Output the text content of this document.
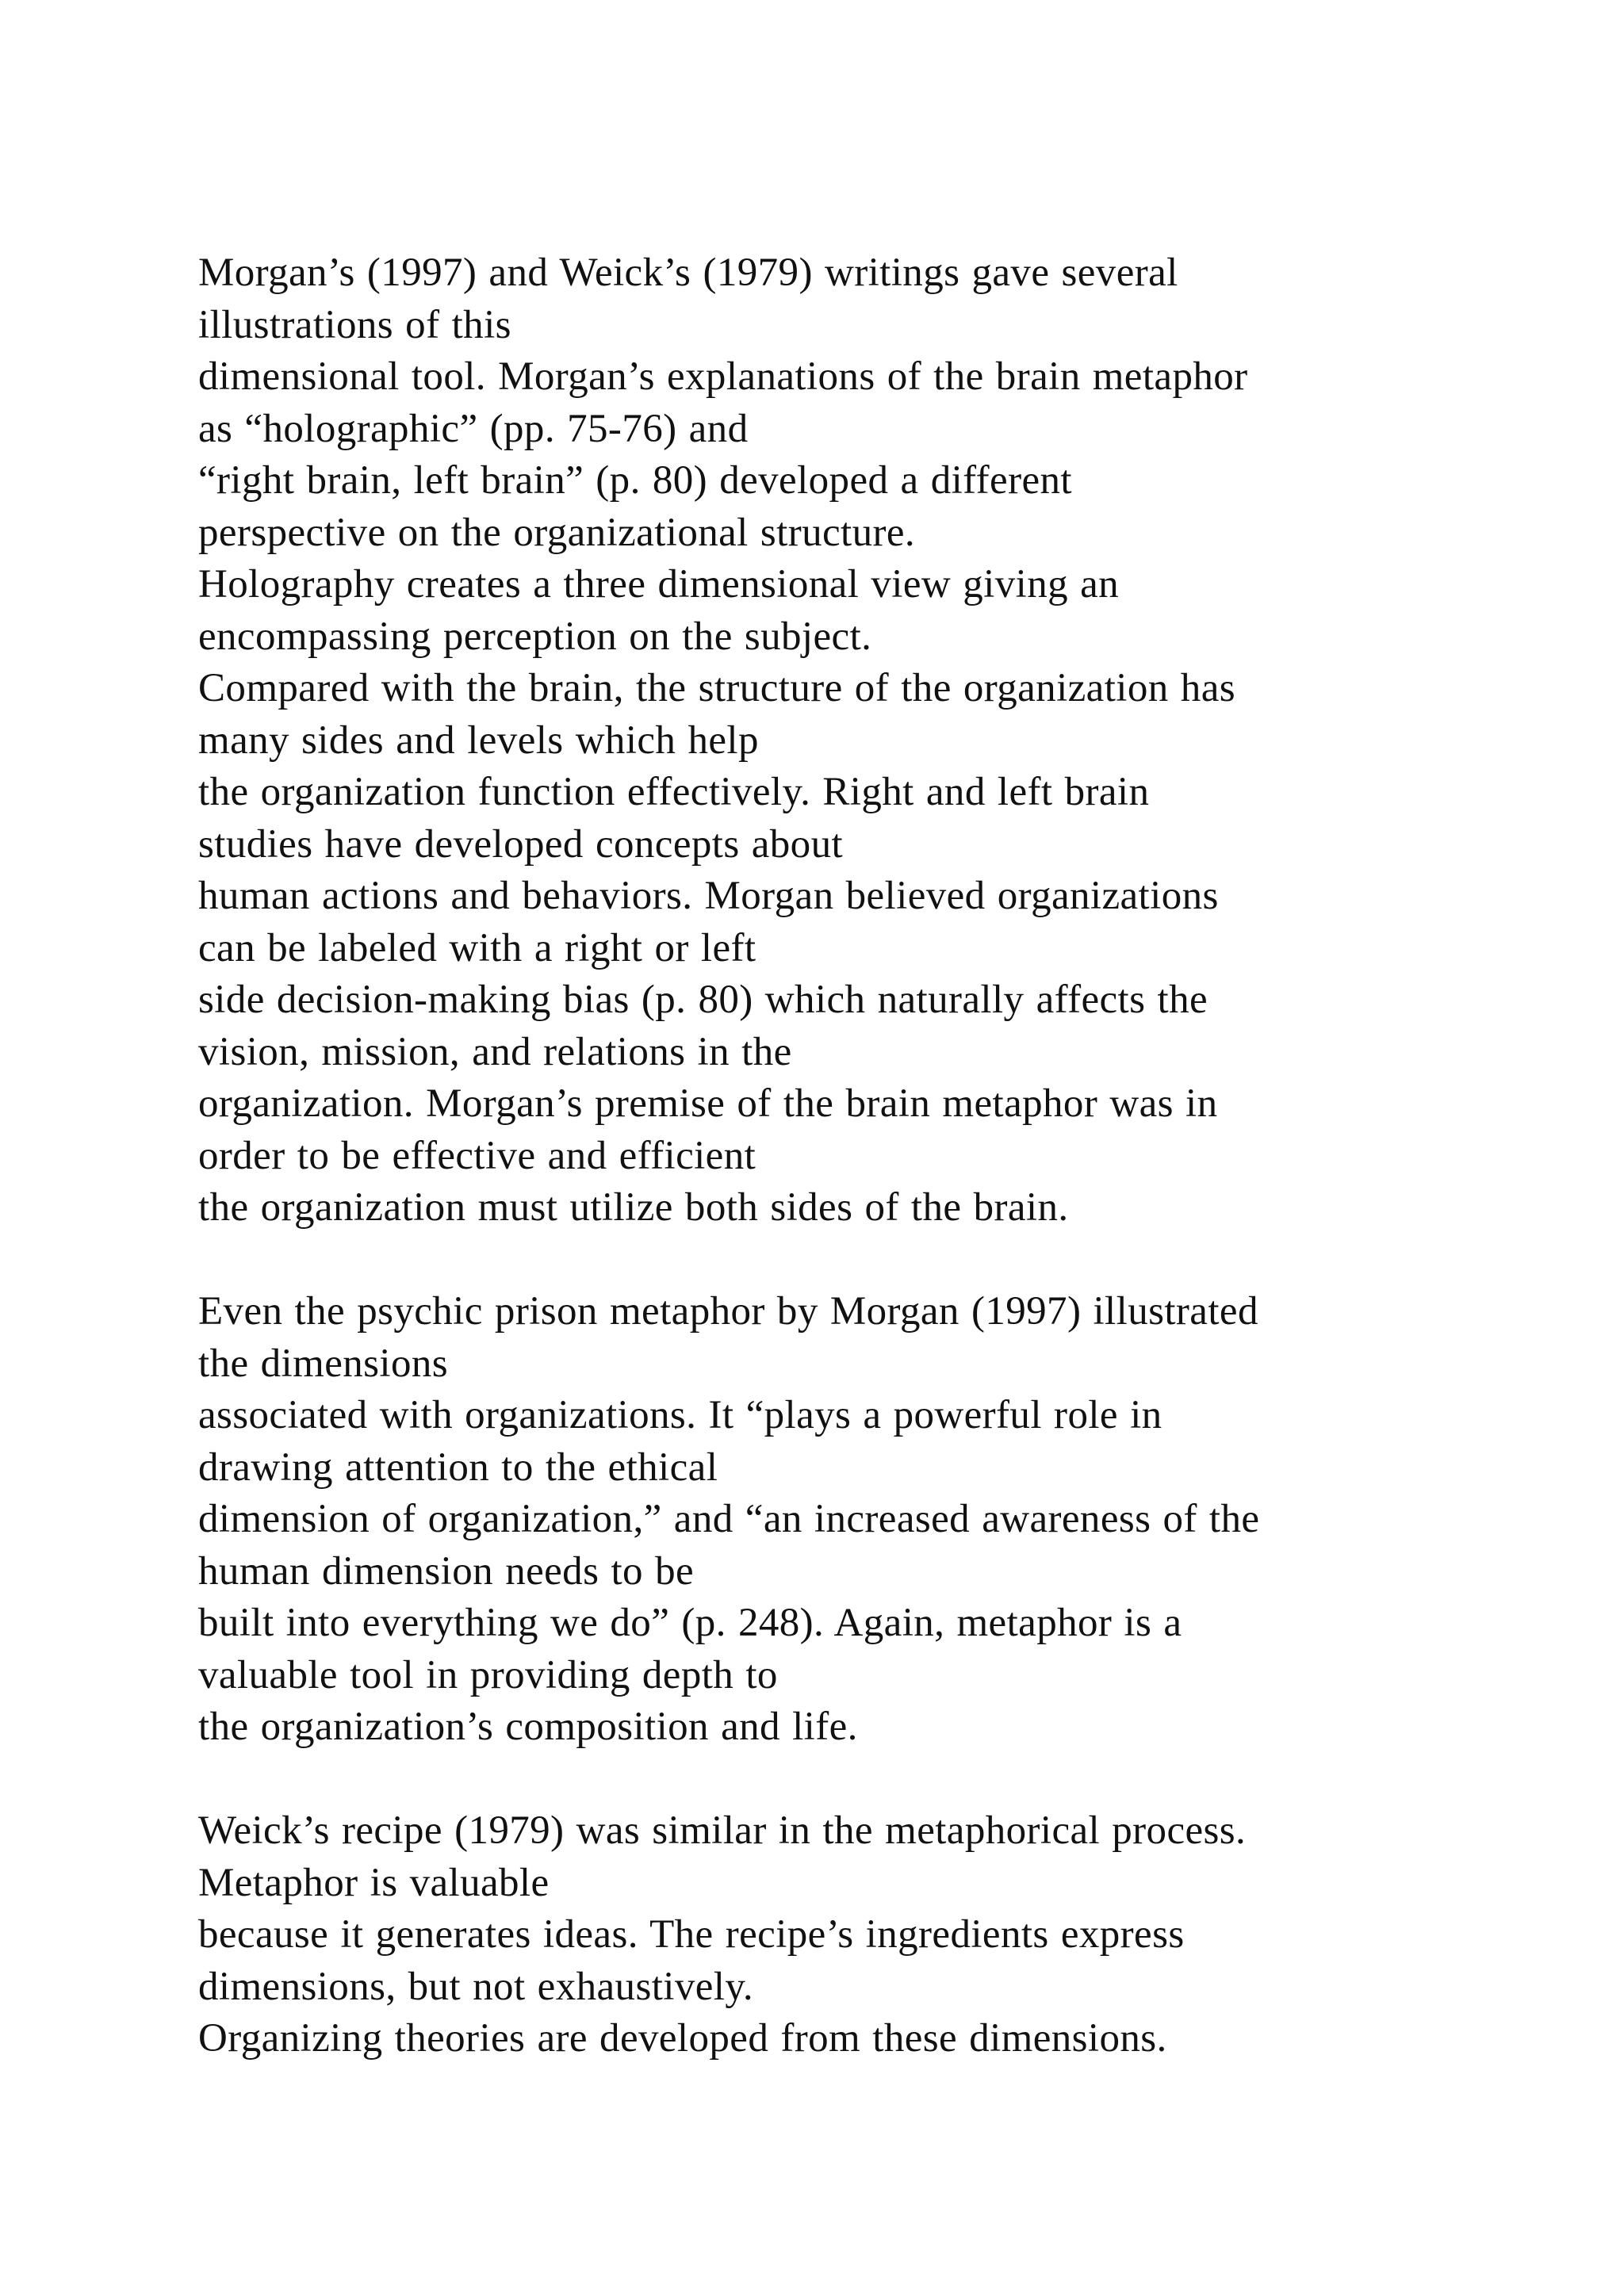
Morgan’s (1997) and Weick’s (1979) writings gave several
illustrations of this
dimensional tool. Morgan’s explanations of the brain metaphor
as “holographic” (pp. 75-76) and
“right brain, left brain” (p. 80) developed a different
perspective on the organizational structure.
Holography creates a three dimensional view giving an
encompassing perception on the subject.
Compared with the brain, the structure of the organization has
many sides and levels which help
the organization function effectively. Right and left brain
studies have developed concepts about
human actions and behaviors. Morgan believed organizations
can be labeled with a right or left
side decision-making bias (p. 80) which naturally affects the
vision, mission, and relations in the
organization. Morgan’s premise of the brain metaphor was in
order to be effective and efficient
the organization must utilize both sides of the brain.
Even the psychic prison metaphor by Morgan (1997) illustrated
the dimensions
associated with organizations. It “plays a powerful role in
drawing attention to the ethical
dimension of organization,” and “an increased awareness of the
human dimension needs to be
built into everything we do” (p. 248). Again, metaphor is a
valuable tool in providing depth to
the organization’s composition and life.
Weick’s recipe (1979) was similar in the metaphorical process.
Metaphor is valuable
because it generates ideas. The recipe’s ingredients express
dimensions, but not exhaustively.
Organizing theories are developed from these dimensions.
